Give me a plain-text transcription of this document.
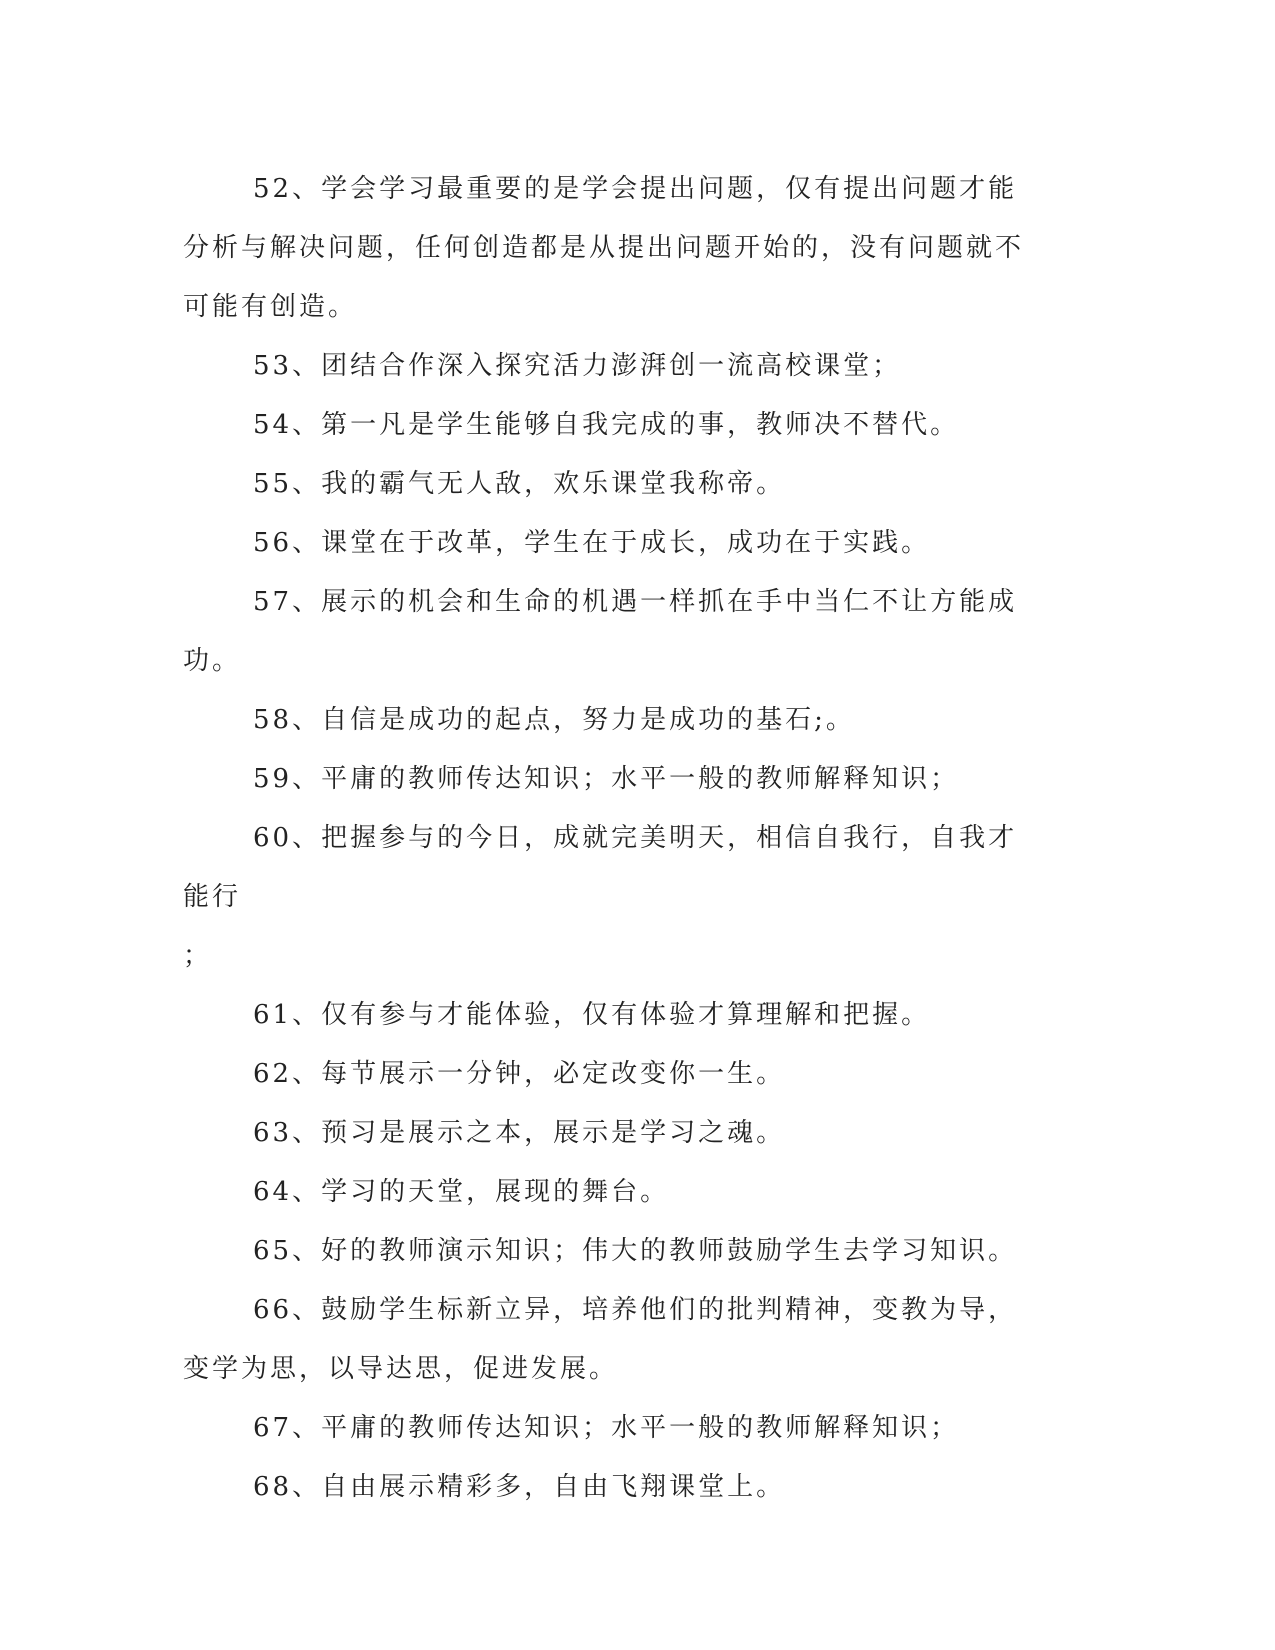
52、学会学习最重要的是学会提出问题，仅有提出问题才能分析与解决问题，任何创造都是从提出问题开始的，没有问题就不可能有创造。

53、团结合作深入探究活力澎湃创一流高校课堂；

54、第一凡是学生能够自我完成的事，教师决不替代。

55、我的霸气无人敌，欢乐课堂我称帝。

56、课堂在于改革，学生在于成长，成功在于实践。

57、展示的机会和生命的机遇一样抓在手中当仁不让方能成功。

58、自信是成功的起点，努力是成功的基石;。

59、平庸的教师传达知识；水平一般的教师解释知识；

60、把握参与的今日，成就完美明天，相信自我行，自我才能行

；

61、仅有参与才能体验，仅有体验才算理解和把握。

62、每节展示一分钟，必定改变你一生。

63、预习是展示之本，展示是学习之魂。

64、学习的天堂，展现的舞台。

65、好的教师演示知识；伟大的教师鼓励学生去学习知识。

66、鼓励学生标新立异，培养他们的批判精神，变教为导，变学为思，以导达思，促进发展。

67、平庸的教师传达知识；水平一般的教师解释知识；

68、自由展示精彩多，自由飞翔课堂上。
